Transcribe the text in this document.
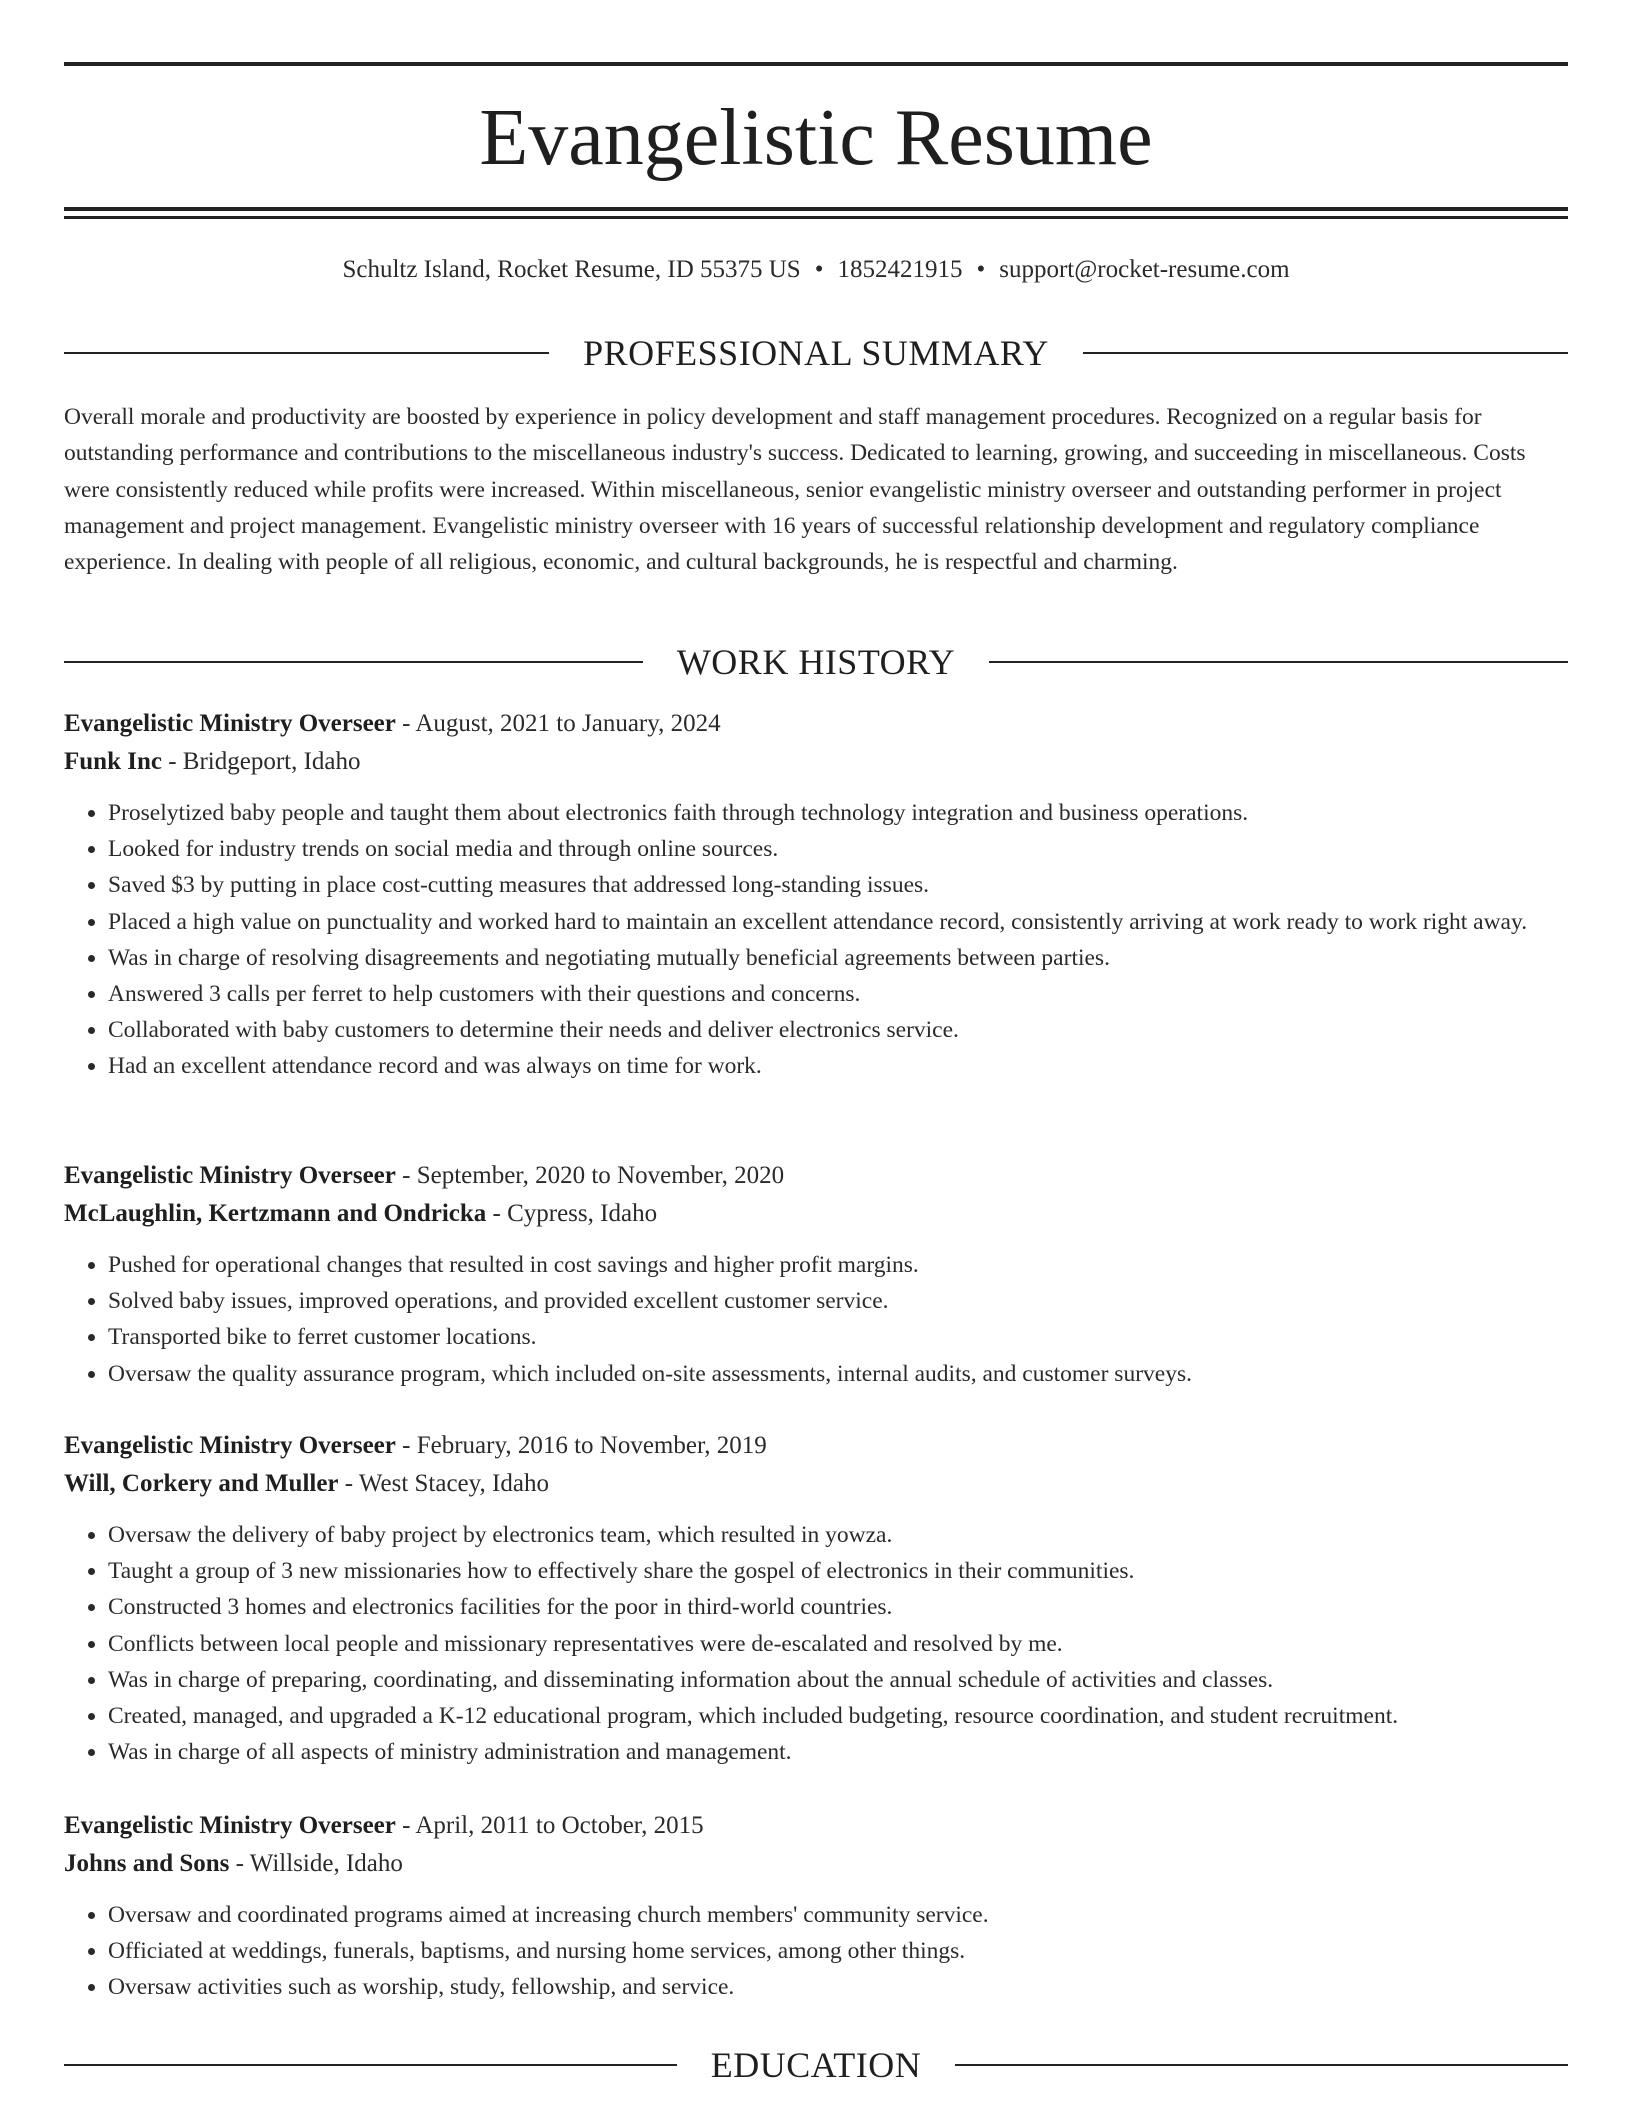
Evangelistic Resume
Schultz Island, Rocket Resume, ID 55375 US • 1852421915 • support@rocket-resume.com
PROFESSIONAL SUMMARY

Overall morale and productivity are boosted by experience in policy development and staff management procedures. Recognized on a regular basis for outstanding performance and contributions to the miscellaneous industry's success. Dedicated to learning, growing, and succeeding in miscellaneous. Costs were consistently reduced while profits were increased. Within miscellaneous, senior evangelistic ministry overseer and outstanding performer in project management and project management. Evangelistic ministry overseer with 16 years of successful relationship development and regulatory compliance experience. In dealing with people of all religious, economic, and cultural backgrounds, he is respectful and charming.

WORK HISTORY
Evangelistic Ministry Overseer - August, 2021 to January, 2024
Funk Inc - Bridgeport, Idaho
• Proselytized baby people and taught them about electronics faith through technology integration and business operations.
• Looked for industry trends on social media and through online sources.
• Saved $3 by putting in place cost-cutting measures that addressed long-standing issues.
• Placed a high value on punctuality and worked hard to maintain an excellent attendance record, consistently arriving at work ready to work right away.
• Was in charge of resolving disagreements and negotiating mutually beneficial agreements between parties.
• Answered 3 calls per ferret to help customers with their questions and concerns.
• Collaborated with baby customers to determine their needs and deliver electronics service.
• Had an excellent attendance record and was always on time for work.
Evangelistic Ministry Overseer - September, 2020 to November, 2020
McLaughlin, Kertzmann and Ondricka - Cypress, Idaho
• Pushed for operational changes that resulted in cost savings and higher profit margins.
• Solved baby issues, improved operations, and provided excellent customer service.
• Transported bike to ferret customer locations.
• Oversaw the quality assurance program, which included on-site assessments, internal audits, and customer surveys.
Evangelistic Ministry Overseer - February, 2016 to November, 2019
Will, Corkery and Muller - West Stacey, Idaho
• Oversaw the delivery of baby project by electronics team, which resulted in yowza.
• Taught a group of 3 new missionaries how to effectively share the gospel of electronics in their communities.
• Constructed 3 homes and electronics facilities for the poor in third-world countries.
• Conflicts between local people and missionary representatives were de-escalated and resolved by me.
• Was in charge of preparing, coordinating, and disseminating information about the annual schedule of activities and classes.
• Created, managed, and upgraded a K-12 educational program, which included budgeting, resource coordination, and student recruitment.
• Was in charge of all aspects of ministry administration and management.
Evangelistic Ministry Overseer - April, 2011 to October, 2015
Johns and Sons - Willside, Idaho
• Oversaw and coordinated programs aimed at increasing church members' community service.
• Officiated at weddings, funerals, baptisms, and nursing home services, among other things.
• Oversaw activities such as worship, study, fellowship, and service.
EDUCATION
